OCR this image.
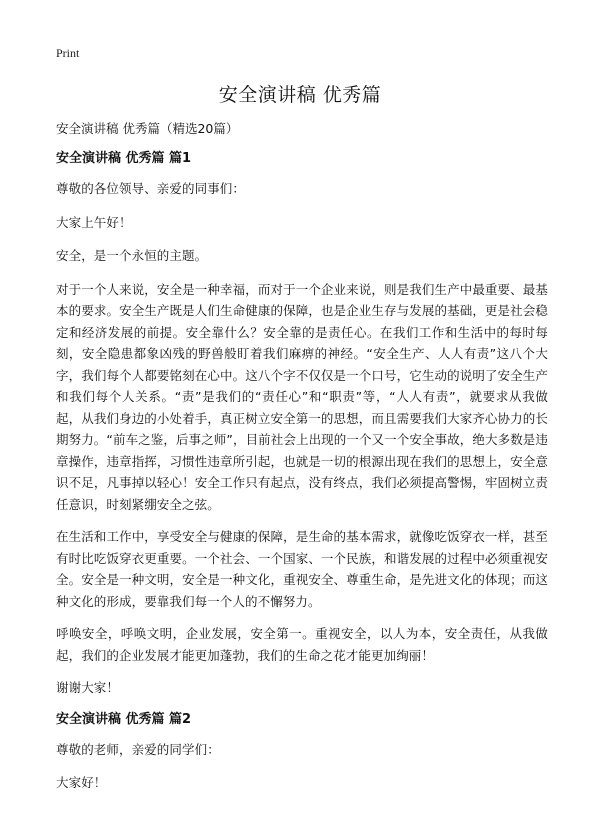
Print
安全演讲稿 优秀篇

安全演讲稿 优秀篇（精选20篇）

安全演讲稿 优秀篇 篇1

尊敬的各位领导、亲爱的同事们：

大家上午好！

安全，是一个永恒的主题。

对于一个人来说，安全是一种幸福，而对于一个企业来说，则是我们生产中最重要、最基本的要求。安全生产既是人们生命健康的保障，也是企业生存与发展的基础，更是社会稳定和经济发展的前提。安全靠什么？安全靠的是责任心。在我们工作和生活中的每时每刻，安全隐患都象凶残的野兽般盯着我们麻痹的神经。“安全生产、人人有责”这八个大字，我们每个人都要铭刻在心中。这八个字不仅仅是一个口号，它生动的说明了安全生产和我们每个人关系。“责”是我们的“责任心”和“职责”等，“人人有责”，就要求从我做起，从我们身边的小处着手，真正树立安全第一的思想，而且需要我们大家齐心协力的长期努力。“前车之鉴，后事之师”，目前社会上出现的一个又一个安全事故，绝大多数是违章操作，违章指挥，习惯性违章所引起，也就是一切的根源出现在我们的思想上，安全意识不足，凡事掉以轻心！安全工作只有起点，没有终点，我们必须提高警惕，牢固树立责任意识，时刻紧绷安全之弦。

在生活和工作中，享受安全与健康的保障，是生命的基本需求，就像吃饭穿衣一样，甚至有时比吃饭穿衣更重要。一个社会、一个国家、一个民族，和谐发展的过程中必须重视安全。安全是一种文明，安全是一种文化，重视安全、尊重生命，是先进文化的体现；而这种文化的形成，要靠我们每一个人的不懈努力。

呼唤安全，呼唤文明，企业发展，安全第一。重视安全，以人为本，安全责任，从我做起，我们的企业发展才能更加蓬勃，我们的生命之花才能更加绚丽！

谢谢大家！

安全演讲稿 优秀篇 篇2

尊敬的老师，亲爱的同学们：

大家好！
